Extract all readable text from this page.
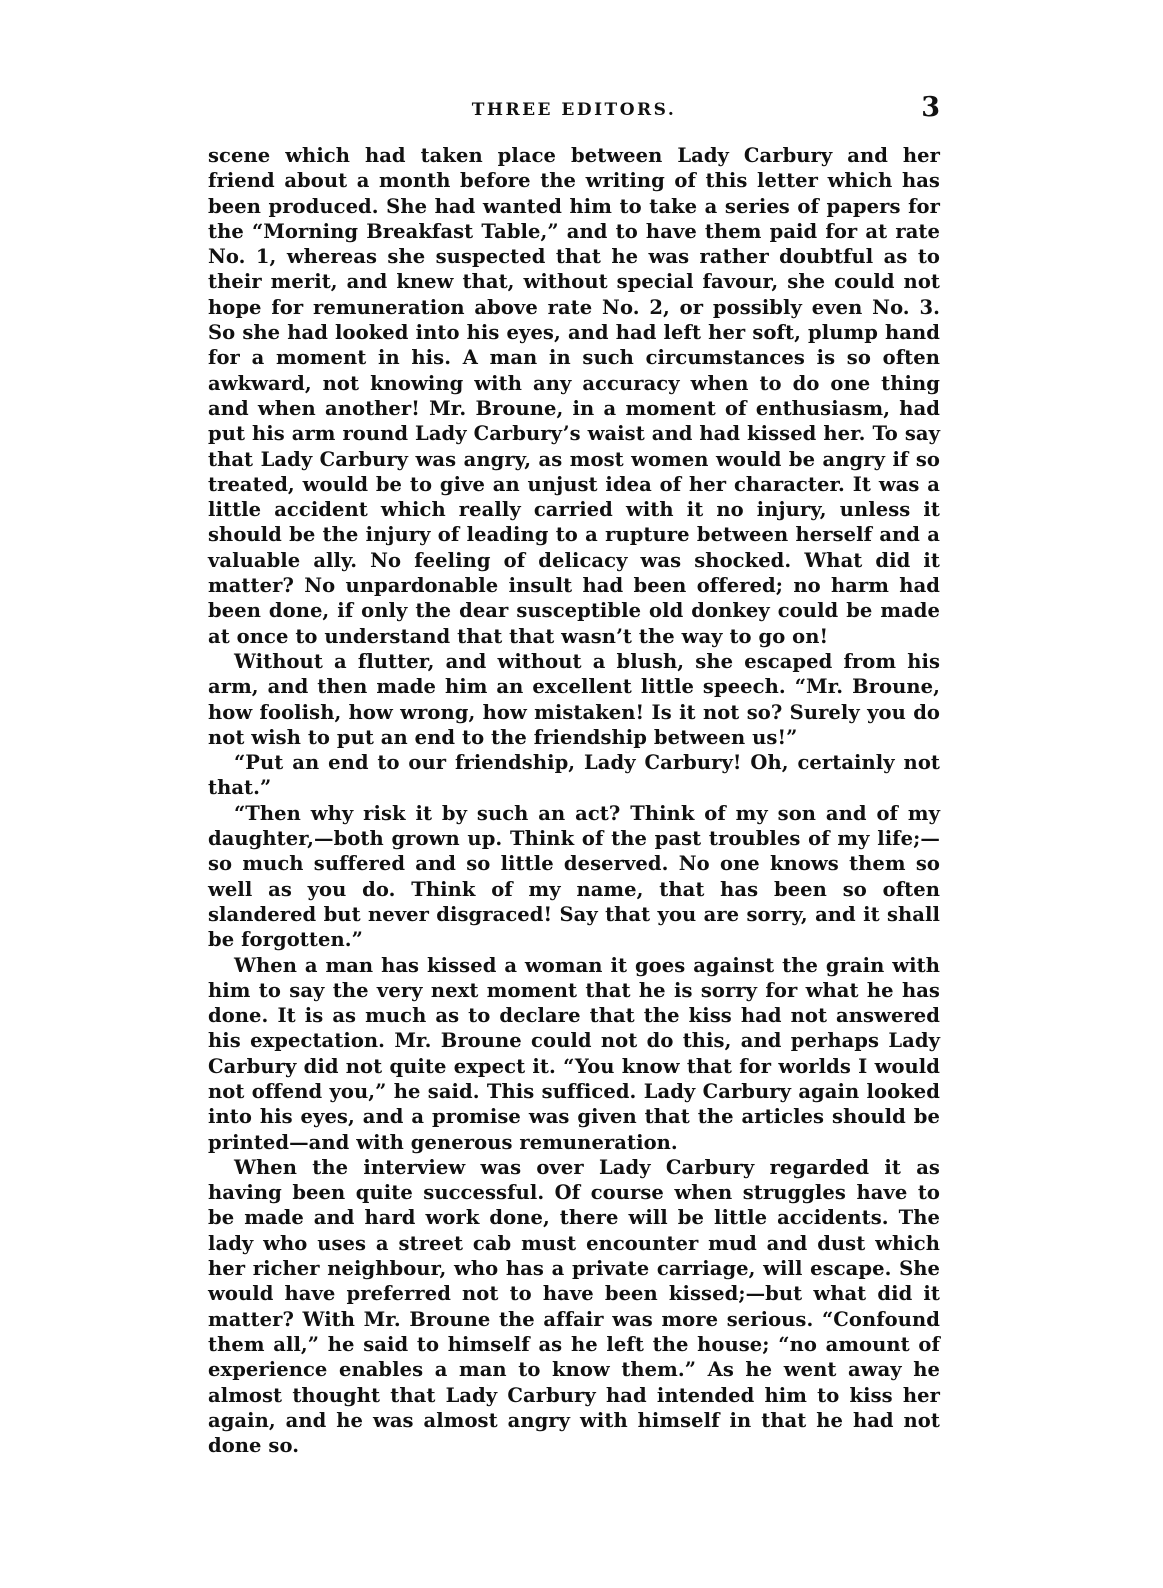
THREE EDITORS.	3

scene which had taken place between Lady Carbury and her friend about a month before the writing of this letter which has been produced. She had wanted him to take a series of papers for the “Morning Breakfast Table,” and to have them paid for at rate No. 1, whereas she suspected that he was rather doubtful as to their merit, and knew that, without special favour, she could not hope for remuneration above rate No. 2, or possibly even No. 3. So she had looked into his eyes, and had left her soft, plump hand for a moment in his. A man in such circumstances is so often awkward, not knowing with any accuracy when to do one thing and when another! Mr. Broune, in a moment of enthusiasm, had put his arm round Lady Carbury’s waist and had kissed her. To say that Lady Carbury was angry, as most women would be angry if so treated, would be to give an unjust idea of her character. It was a little accident which really carried with it no injury, unless it should be the injury of leading to a rupture between herself and a valuable ally. No feeling of delicacy was shocked. What did it matter? No unpardonable insult had been offered; no harm had been done, if only the dear susceptible old donkey could be made at once to understand that that wasn’t the way to go on!

Without a flutter, and without a blush, she escaped from his arm, and then made him an excellent little speech. “Mr. Broune, how foolish, how wrong, how mistaken! Is it not so? Surely you do not wish to put an end to the friendship between us!”

“Put an end to our friendship, Lady Carbury! Oh, certainly not that.”

“Then why risk it by such an act? Think of my son and of my daughter,—both grown up. Think of the past troubles of my life;—so much suffered and so little deserved. No one knows them so well as you do. Think of my name, that has been so often slandered but never disgraced! Say that you are sorry, and it shall be forgotten.”

When a man has kissed a woman it goes against the grain with him to say the very next moment that he is sorry for what he has done. It is as much as to declare that the kiss had not answered his expectation. Mr. Broune could not do this, and perhaps Lady Carbury did not quite expect it. “You know that for worlds I would not offend you,” he said. This sufficed. Lady Carbury again looked into his eyes, and a promise was given that the articles should be printed—and with generous remuneration.

When the interview was over Lady Carbury regarded it as having been quite successful. Of course when struggles have to be made and hard work done, there will be little accidents. The lady who uses a street cab must encounter mud and dust which her richer neighbour, who has a private carriage, will escape. She would have preferred not to have been kissed;—but what did it matter? With Mr. Broune the affair was more serious. “Confound them all,” he said to himself as he left the house; “no amount of experience enables a man to know them.” As he went away he almost thought that Lady Carbury had intended him to kiss her again, and he was almost angry with himself in that he had not done so.
